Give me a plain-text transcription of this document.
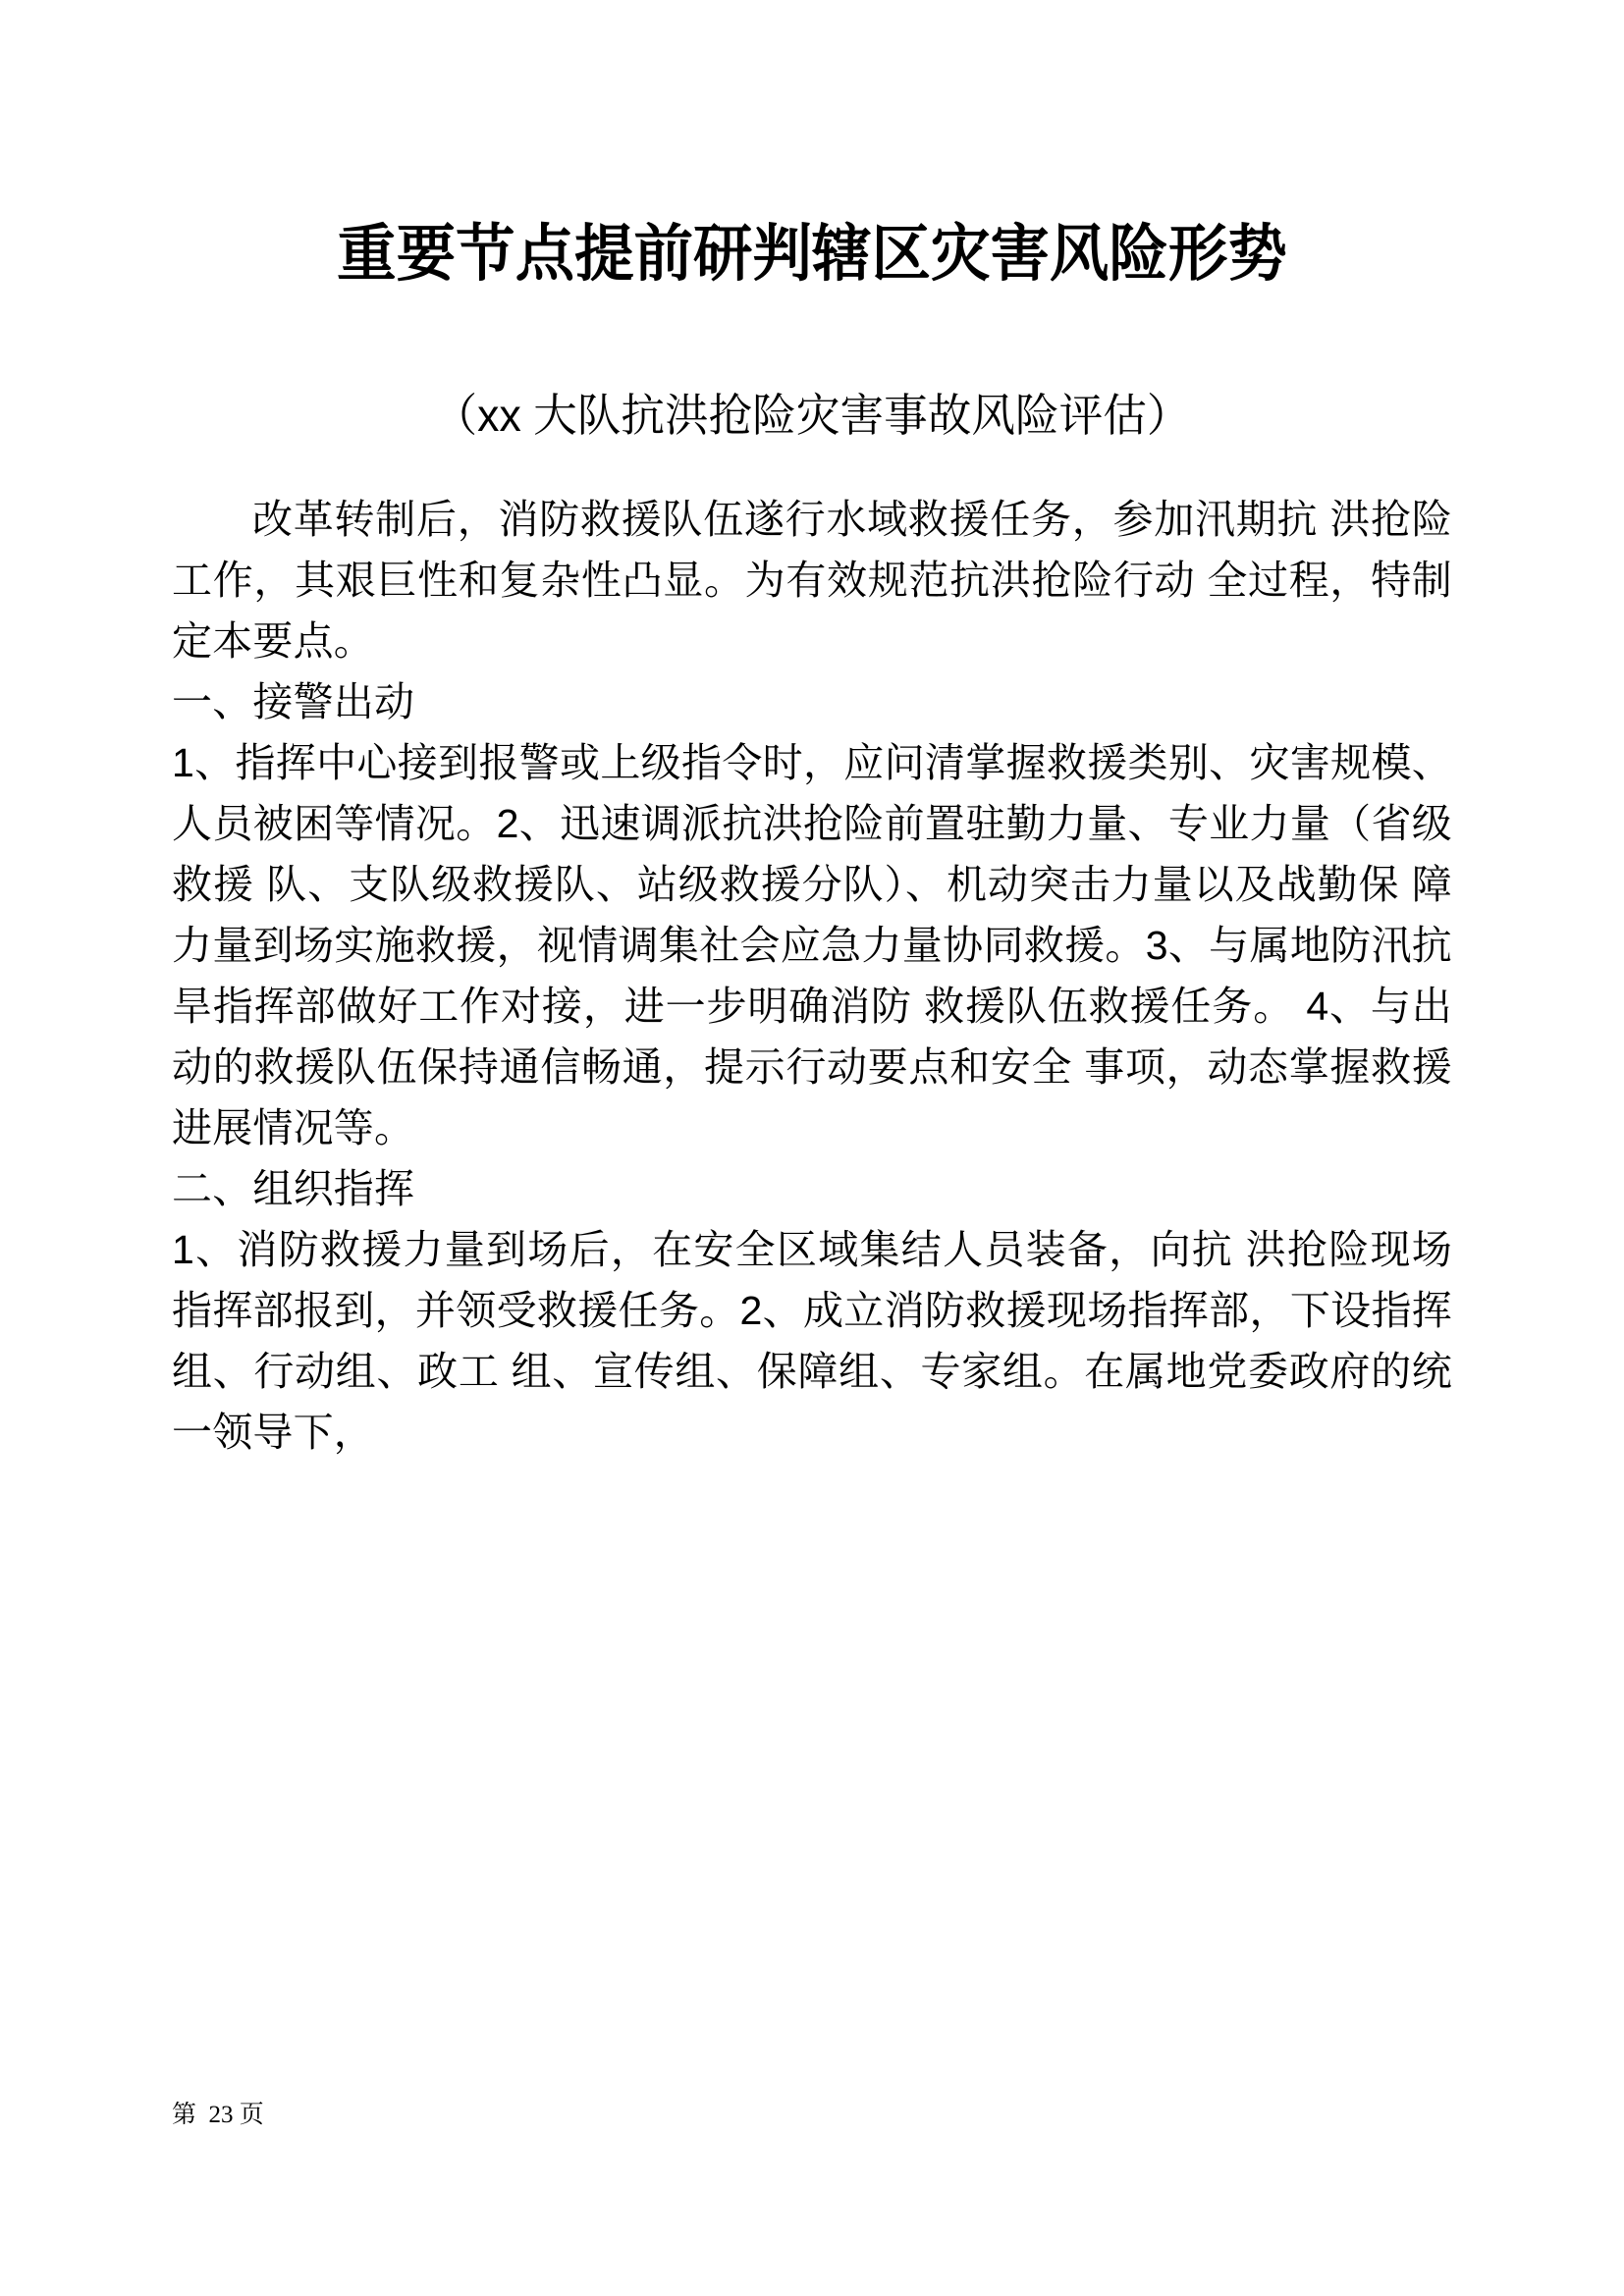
重要节点提前研判辖区灾害风险形势

（xx 大队抗洪抢险灾害事故风险评估）

改革转制后，消防救援队伍遂行水域救援任务，参加汛期抗 洪抢险工作，其艰巨性和复杂性凸显。为有效规范抗洪抢险行动 全过程，特制定本要点。

一、接警出动

1、指挥中心接到报警或上级指令时，应问清掌握救援类别、灾害规模、人员被困等情况。2、迅速调派抗洪抢险前置驻勤力量、专业力量（省级救援 队、支队级救援队、站级救援分队）、机动突击力量以及战勤保 障力量到场实施救援，视情调集社会应急力量协同救援。3、与属地防汛抗旱指挥部做好工作对接，进一步明确消防 救援队伍救援任务。 4、与出动的救援队伍保持通信畅通，提示行动要点和安全 事项，动态掌握救援进展情况等。

二、组织指挥

1、消防救援力量到场后，在安全区域集结人员装备，向抗 洪抢险现场指挥部报到，并领受救援任务。2、成立消防救援现场指挥部，下设指挥组、行动组、政工 组、宣传组、保障组、专家组。在属地党委政府的统一领导下，

第  23 页
